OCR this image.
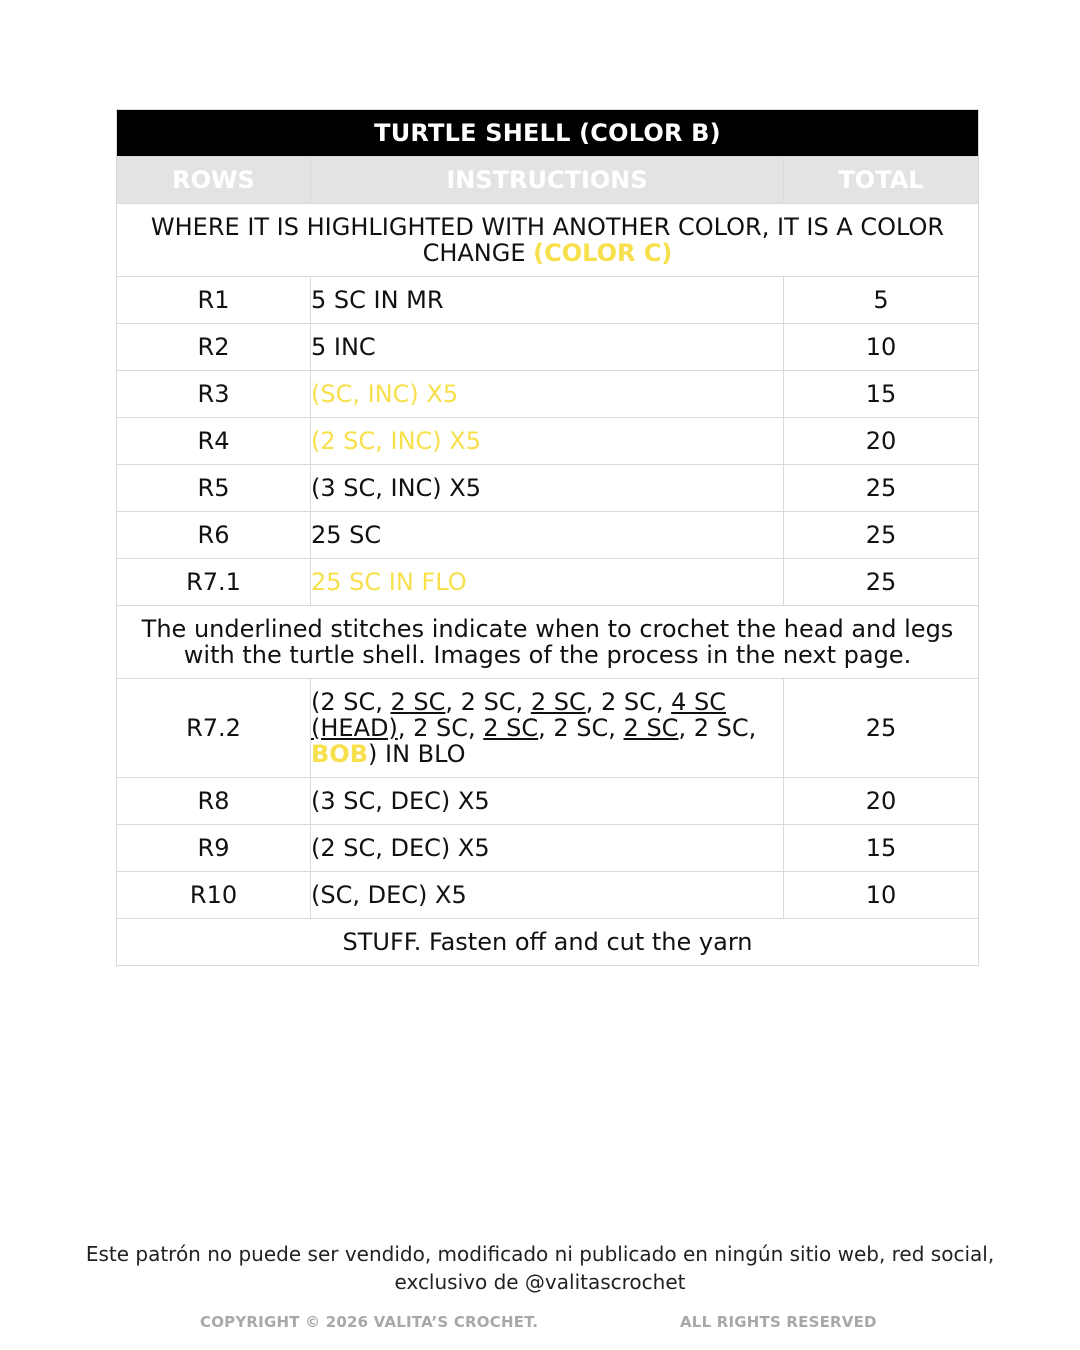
TURTLE SHELL (COLOR B)		
ROWS	INSTRUCTIONS	TOTAL
WHERE IT IS HIGHLIGHTED WITH ANOTHER COLOR, IT IS A COLOR CHANGE (COLOR C)		
R1	5 SC IN MR	5
R2	5 INC	10
R3	(SC, INC) X5	15
R4	(2 SC, INC) X5	20
R5	(3 SC, INC) X5	25
R6	25 SC	25
R7.1	25 SC IN FLO	25
The underlined stitches indicate when to crochet the head and legs with the turtle shell. Images of the process in the next page.		
R7.2	(2 SC, 2 SC, 2 SC, 2 SC, 2 SC, 4 SC (HEAD), 2 SC, 2 SC, 2 SC, 2 SC, 2 SC, BOB) IN BLO	25
R8	(3 SC, DEC) X5	20
R9	(2 SC, DEC) X5	15
R10	(SC, DEC) X5	10
STUFF. Fasten off and cut the yarn		
Este patrón no puede ser vendido, modificado ni publicado en ningún sitio web, red social,
exclusivo de @valitascrochet
COPYRIGHT © 2026 VALITA’S CROCHET.	ALL RIGHTS RESERVED
